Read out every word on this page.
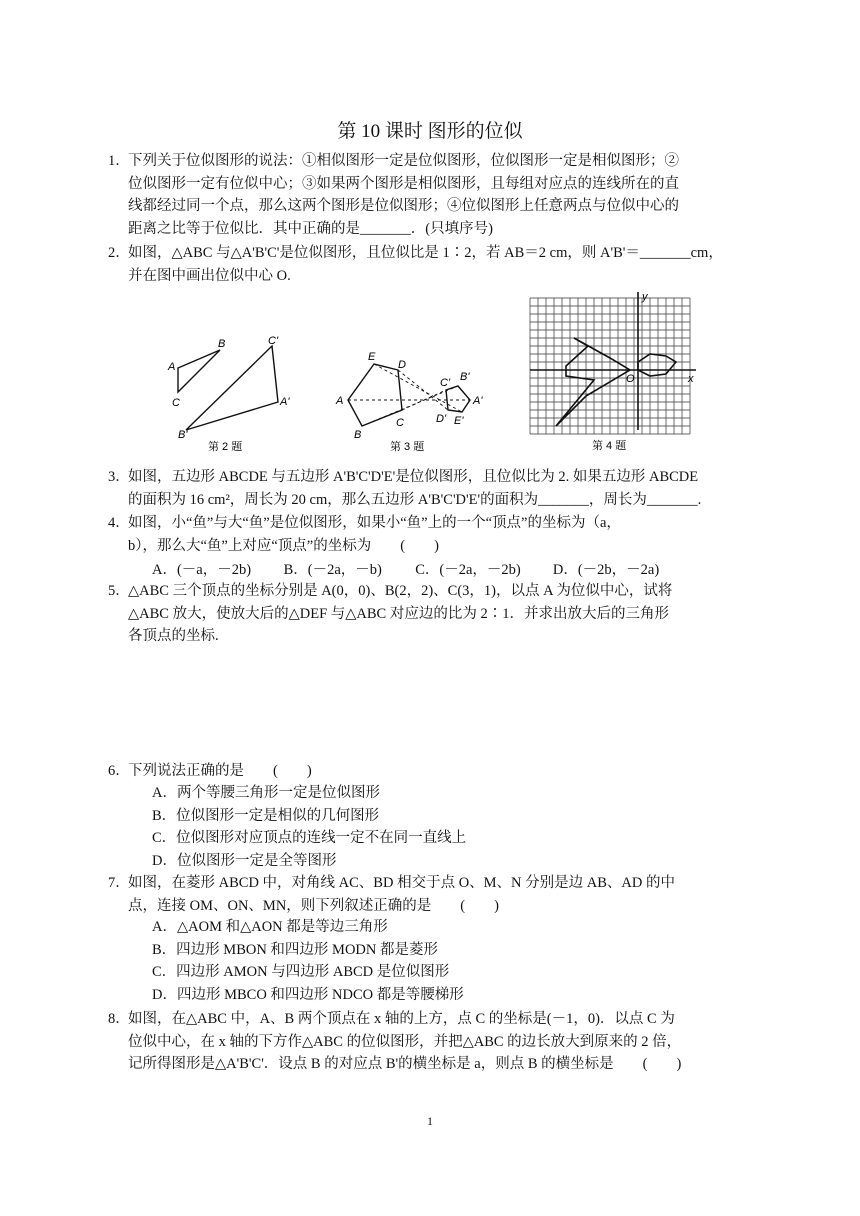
第 10 课时 图形的位似
1．

下列关于位似图形的说法：①相似图形一定是位似图形，位似图形一定是相似图形；②

位似图形一定有位似中心；③如果两个图形是相似图形，且每组对应点的连线所在的直

线都经过同一个点，那么这两个图形是位似图形；④位似图形上任意两点与位似中心的

距离之比等于位似比．其中正确的是_______．(只填序号)

2．

如图，△ABC 与△A'B'C'是位似图形，且位似比是 1∶2，若 AB＝2 cm，则 A'B'＝_______cm，

并在图中画出位似中心 O.

A
B
C
C'
A'
B'
第 2 题
A
E
D
C
B
C' B'
A'
D' E'
第 3 题
x
y
O
第 4 题
3．

如图，五边形 ABCDE 与五边形 A'B'C'D'E'是位似图形，且位似比为 2. 如果五边形 ABCDE

的面积为 16 cm²，周长为 20 cm，那么五边形 A'B'C'D'E'的面积为_______，周长为_______.

4．

如图，小“鱼”与大“鱼”是位似图形，如果小“鱼”上的一个“顶点”的坐标为（a，

b），那么大“鱼”上对应“顶点”的坐标为　　(　　)

A．(－a，－2b) B．(－2a，－b) C．(－2a，－2b) D．(－2b，－2a)
5．

△ABC 三个顶点的坐标分别是 A(0，0)、B(2，2)、C(3，1)，以点 A 为位似中心，试将

△ABC 放大，使放大后的△DEF 与△ABC 对应边的比为 2∶1．并求出放大后的三角形

各顶点的坐标.

6．

下列说法正确的是　　(　　)

A．两个等腰三角形一定是位似图形
B．位似图形一定是相似的几何图形
C．位似图形对应顶点的连线一定不在同一直线上
D．位似图形一定是全等图形
7．

如图，在菱形 ABCD 中，对角线 AC、BD 相交于点 O、M、N 分别是边 AB、AD 的中

点，连接 OM、ON、MN，则下列叙述正确的是　　(　　)

A．△AOM 和△AON 都是等边三角形
B．四边形 MBON 和四边形 MODN 都是菱形
C．四边形 AMON 与四边形 ABCD 是位似图形
D．四边形 MBCO 和四边形 NDCO 都是等腰梯形
8．

如图，在△ABC 中，A、B 两个顶点在 x 轴的上方，点 C 的坐标是(－1，0)．以点 C 为

位似中心，在 x 轴的下方作△ABC 的位似图形，并把△ABC 的边长放大到原来的 2 倍，

记所得图形是△A'B'C'．设点 B 的对应点 B'的横坐标是 a，则点 B 的横坐标是　　(　　)

1
